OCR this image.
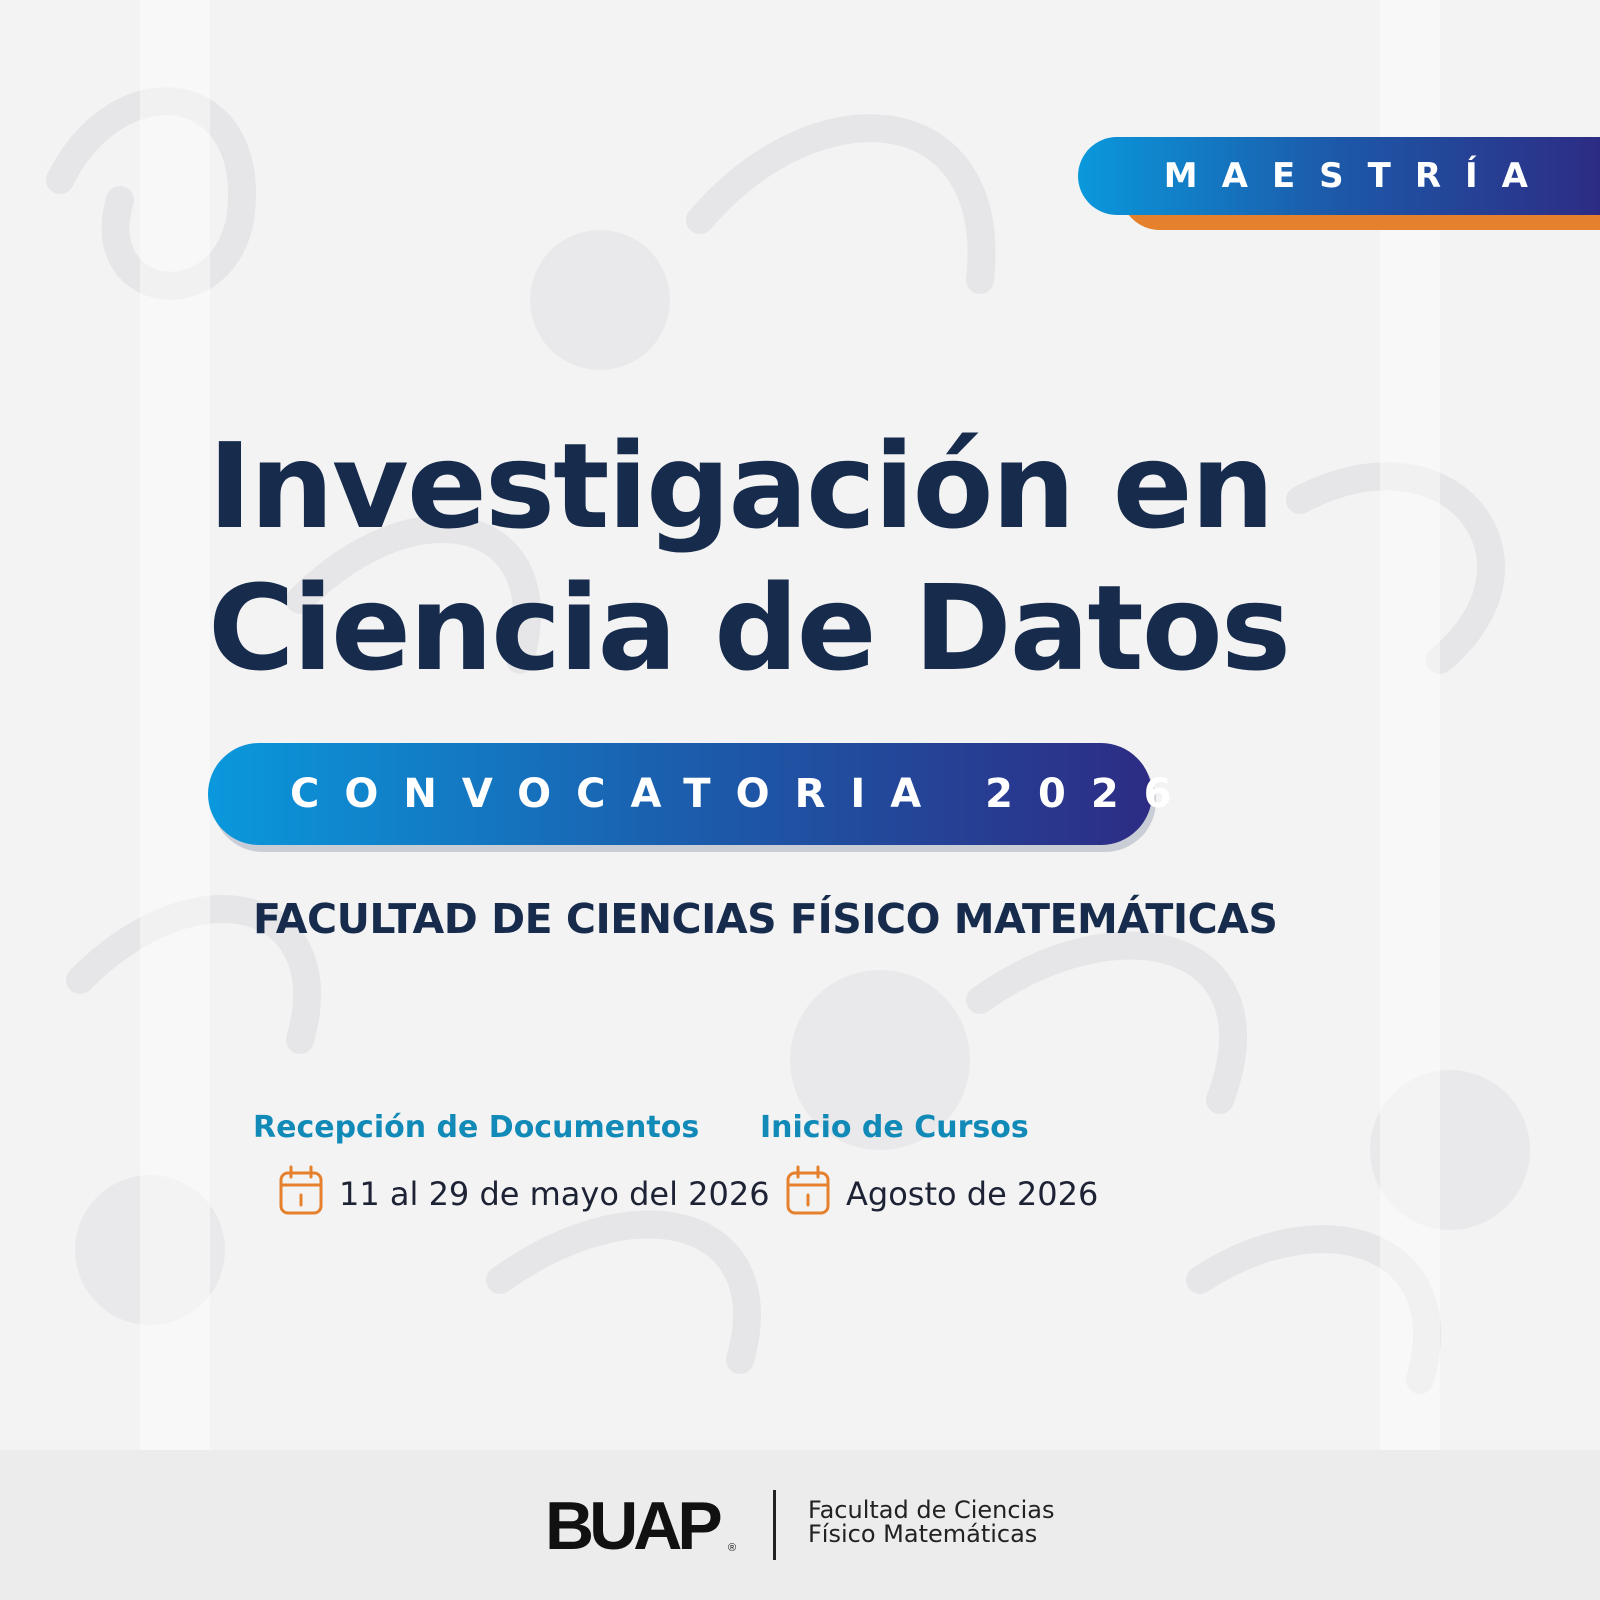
MAESTRÍA
Investigación en
Ciencia de Datos
CONVOCATORIA 2026

FACULTAD DE CIENCIAS FÍSICO MATEMÁTICAS

Recepción de Documentos

11 al 29 de mayo del 2026

Inicio de Cursos

Agosto de 2026
BUAP ®
Facultad de Ciencias
Físico Matemáticas
